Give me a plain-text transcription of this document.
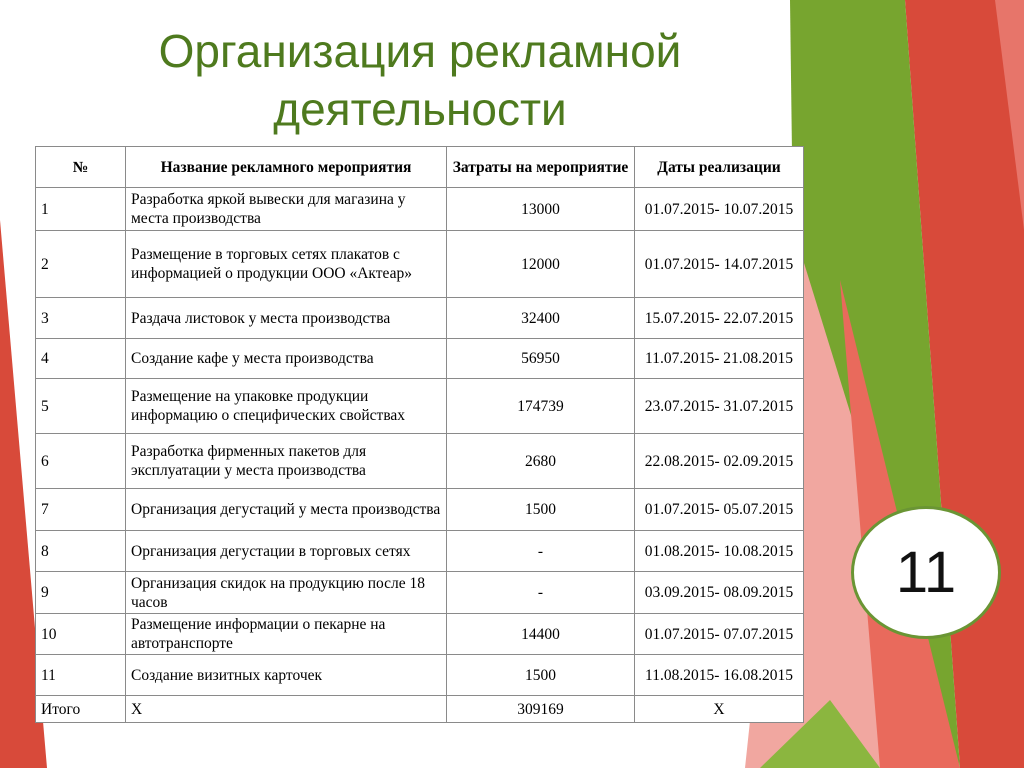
Организация рекламной
деятельности
№	Название рекламного мероприятия	Затраты на мероприятие	Даты реализации
1	Разработка яркой вывески для магазина у места производства	13000	01.07.2015- 10.07.2015
2	Размещение в торговых сетях плакатов с информацией о продукции ООО «Актеар»	12000	01.07.2015- 14.07.2015
3	Раздача листовок у места производства	32400	15.07.2015- 22.07.2015
4	Создание кафе у места производства	56950	11.07.2015- 21.08.2015
5	Размещение на упаковке продукции информацию о специфических свойствах	174739	23.07.2015- 31.07.2015
6	Разработка фирменных пакетов для эксплуатации у места производства	2680	22.08.2015- 02.09.2015
7	Организация дегустаций у места производства	1500	01.07.2015- 05.07.2015
8	Организация дегустации в торговых сетях	-	01.08.2015- 10.08.2015
9	Организация скидок на продукцию после 18 часов	-	03.09.2015- 08.09.2015
10	Размещение информации о пекарне на автотранспорте	14400	01.07.2015- 07.07.2015
11	Создание визитных карточек	1500	11.08.2015- 16.08.2015
Итого	Х	309169	Х
11
